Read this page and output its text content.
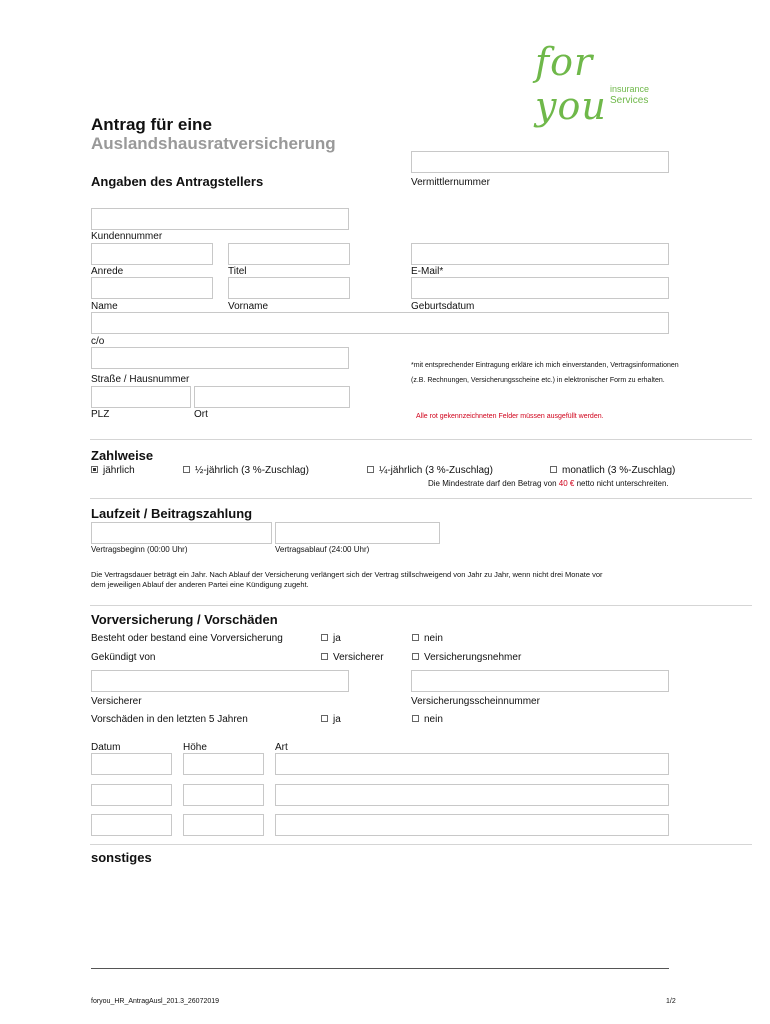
for you insurance
Services
Antrag für eine
Auslandshausratversicherung
Angaben des Antragstellers	Vermittlernummer
Kundennummer
Anrede	Titel	E-Mail*
Name	Vorname	Geburtsdatum
c/o
Straße / Hausnummer
*mit entsprechender Eintragung erkläre ich mich einverstanden, Vertragsinformationen
(z.B. Rechnungen, Versicherungsscheine etc.) in elektronischer Form zu erhalten.
PLZ	Ort	Alle rot gekennzeichneten Felder müssen ausgefüllt werden.
Zahlweise
jährlich	½-jährlich (3 %-Zuschlag)	¼-jährlich (3 %-Zuschlag)	monatlich (3 %-Zuschlag)
Die Mindestrate darf den Betrag von 40 € netto nicht unterschreiten.
Laufzeit / Beitragszahlung
Vertragsbeginn (00:00 Uhr)	Vertragsablauf (24:00 Uhr)
Die Vertragsdauer beträgt ein Jahr. Nach Ablauf der Versicherung verlängert sich der Vertrag stillschweigend von Jahr zu Jahr, wenn nicht drei Monate vor
dem jeweiligen Ablauf der anderen Partei eine Kündigung zugeht.
Vorversicherung / Vorschäden
Besteht oder bestand eine Vorversicherung	ja	nein
Gekündigt von	Versicherer	Versicherungsnehmer
Versicherer	Versicherungsscheinnummer
Vorschäden in den letzten 5 Jahren	ja	nein
Datum	Höhe	Art
sonstiges
foryou_HR_AntragAusl_201.3_26072019	1/2
